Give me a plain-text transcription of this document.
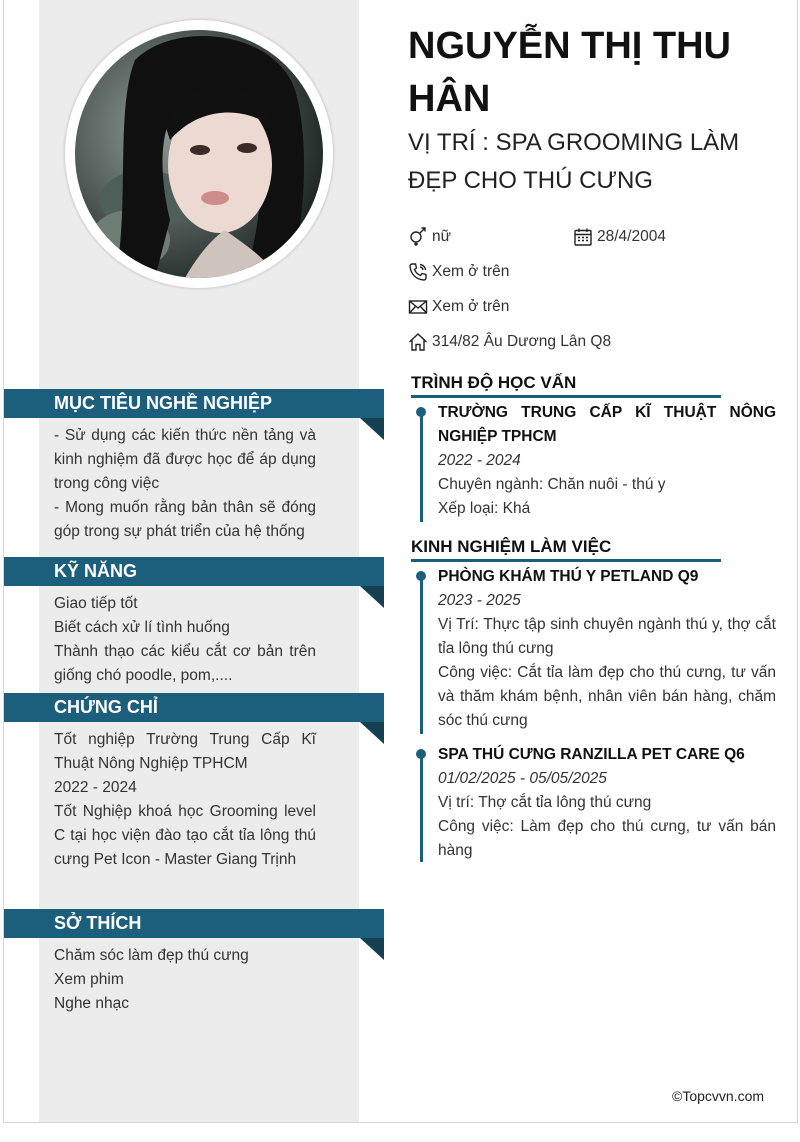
MỤC TIÊU NGHỀ NGHIỆP

- Sử dụng các kiến thức nền tảng và kinh nghiệm đã được học để áp dụng trong công việc

- Mong muốn rằng bản thân sẽ đóng góp trong sự phát triển của hệ thống

KỸ NĂNG

Giao tiếp tốt

Biết cách xử lí tình huống

Thành thạo các kiểu cắt cơ bản trên giống chó poodle, pom,....

CHỨNG CHỈ

Tốt nghiệp Trường Trung Cấp Kĩ Thuật Nông Nghiệp TPHCM

2022 - 2024

Tốt Nghiệp khoá học Grooming level C tại học viện đào tạo cắt tỉa lông thú cưng Pet Icon - Master Giang Trịnh

SỞ THÍCH

Chăm sóc làm đẹp thú cưng

Xem phim

Nghe nhạc

NGUYỄN THỊ THU HÂN
VỊ TRÍ : SPA GROOMING LÀM ĐẸP CHO THÚ CƯNG
nữ	28/4/2004
Xem ở trên
Xem ở trên
314/82 Âu Dương Lân Q8
TRÌNH ĐỘ HỌC VẤN

TRƯỜNG TRUNG CẤP KĨ THUẬT NÔNG NGHIỆP TPHCM

2022 - 2024

Chuyên ngành: Chăn nuôi - thú y

Xếp loại: Khá

KINH NGHIỆM LÀM VIỆC

PHÒNG KHÁM THÚ Y PETLAND Q9

2023 - 2025

Vị Trí: Thực tập sinh chuyên ngành thú y, thợ cắt tỉa lông thú cưng

Công việc: Cắt tỉa làm đẹp cho thú cưng, tư vấn và thăm khám bệnh, nhân viên bán hàng, chăm sóc thú cưng

SPA THÚ CƯNG RANZILLA PET CARE Q6

01/02/2025 - 05/05/2025

Vị trí: Thợ cắt tỉa lông thú cưng

Công việc: Làm đẹp cho thú cưng, tư vấn bán hàng

©Topcvvn.com
